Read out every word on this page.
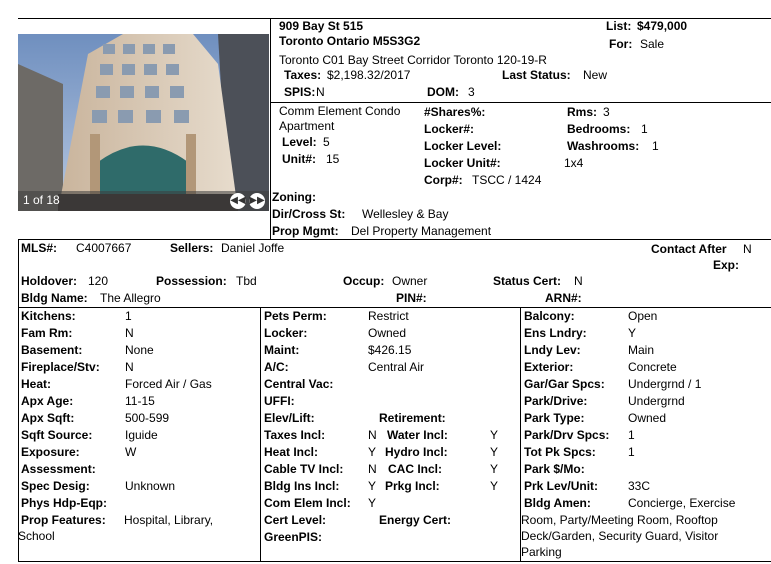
1 of 18	◀◀ ▶▶
909 Bay St 515
Toronto Ontario M5S3G2
List: $479,000
For: Sale
Toronto C01 Bay Street Corridor Toronto 120-19-R
Taxes: $2,198.32/2017	Last Status: New
SPIS: N	DOM: 3
Comm Element Condo
Apartment
Level: 5
Unit#: 15
#Shares%:
Locker#:
Locker Level:
Locker Unit#:
Corp#: TSCC / 1424
Rms: 3
Bedrooms: 1
Washrooms: 1
1x4
Zoning:
Dir/Cross St: Wellesley & Bay
Prop Mgmt: Del Property Management
MLS#: C4007667	Sellers: Daniel Joffe	Contact After N
Exp:
Holdover: 120	Possession: Tbd	Occup: Owner	Status Cert: N
Bldg Name: The Allegro	PIN#:	ARN#:
Kitchens:	1
Fam Rm:	N
Basement:	None
Fireplace/Stv: N
Heat:	Forced Air / Gas
Apx Age:	11-15
Apx Sqft:	500-599
Sqft Source:	Iguide
Exposure:	W
Assessment:
Spec Desig:	Unknown
Phys Hdp-Eqp:
Prop Features: Hospital, Library,
School
Pets Perm:	Restrict
Locker:	Owned
Maint:	$426.15
A/C:	Central Air
Central Vac:
UFFI:
Elev/Lift:	Retirement:
Taxes Incl:	N Water Incl:	Y
Heat Incl:	Y Hydro Incl:	Y
Cable TV Incl: N CAC Incl:	Y
Bldg Ins Incl: Y Prkg Incl:	Y
Com Elem Incl: Y
Cert Level:	Energy Cert:
GreenPIS:
Balcony:	Open
Ens Lndry:	Y
Lndy Lev:	Main
Exterior:	Concrete
Gar/Gar Spcs: Undergrnd / 1
Park/Drive:	Undergrnd
Park Type:	Owned
Park/Drv Spcs: 1
Tot Pk Spcs:	1
Park $/Mo:
Prk Lev/Unit: 33C
Bldg Amen:	Concierge, Exercise
Room, Party/Meeting Room, Rooftop
Deck/Garden, Security Guard, Visitor
Parking
